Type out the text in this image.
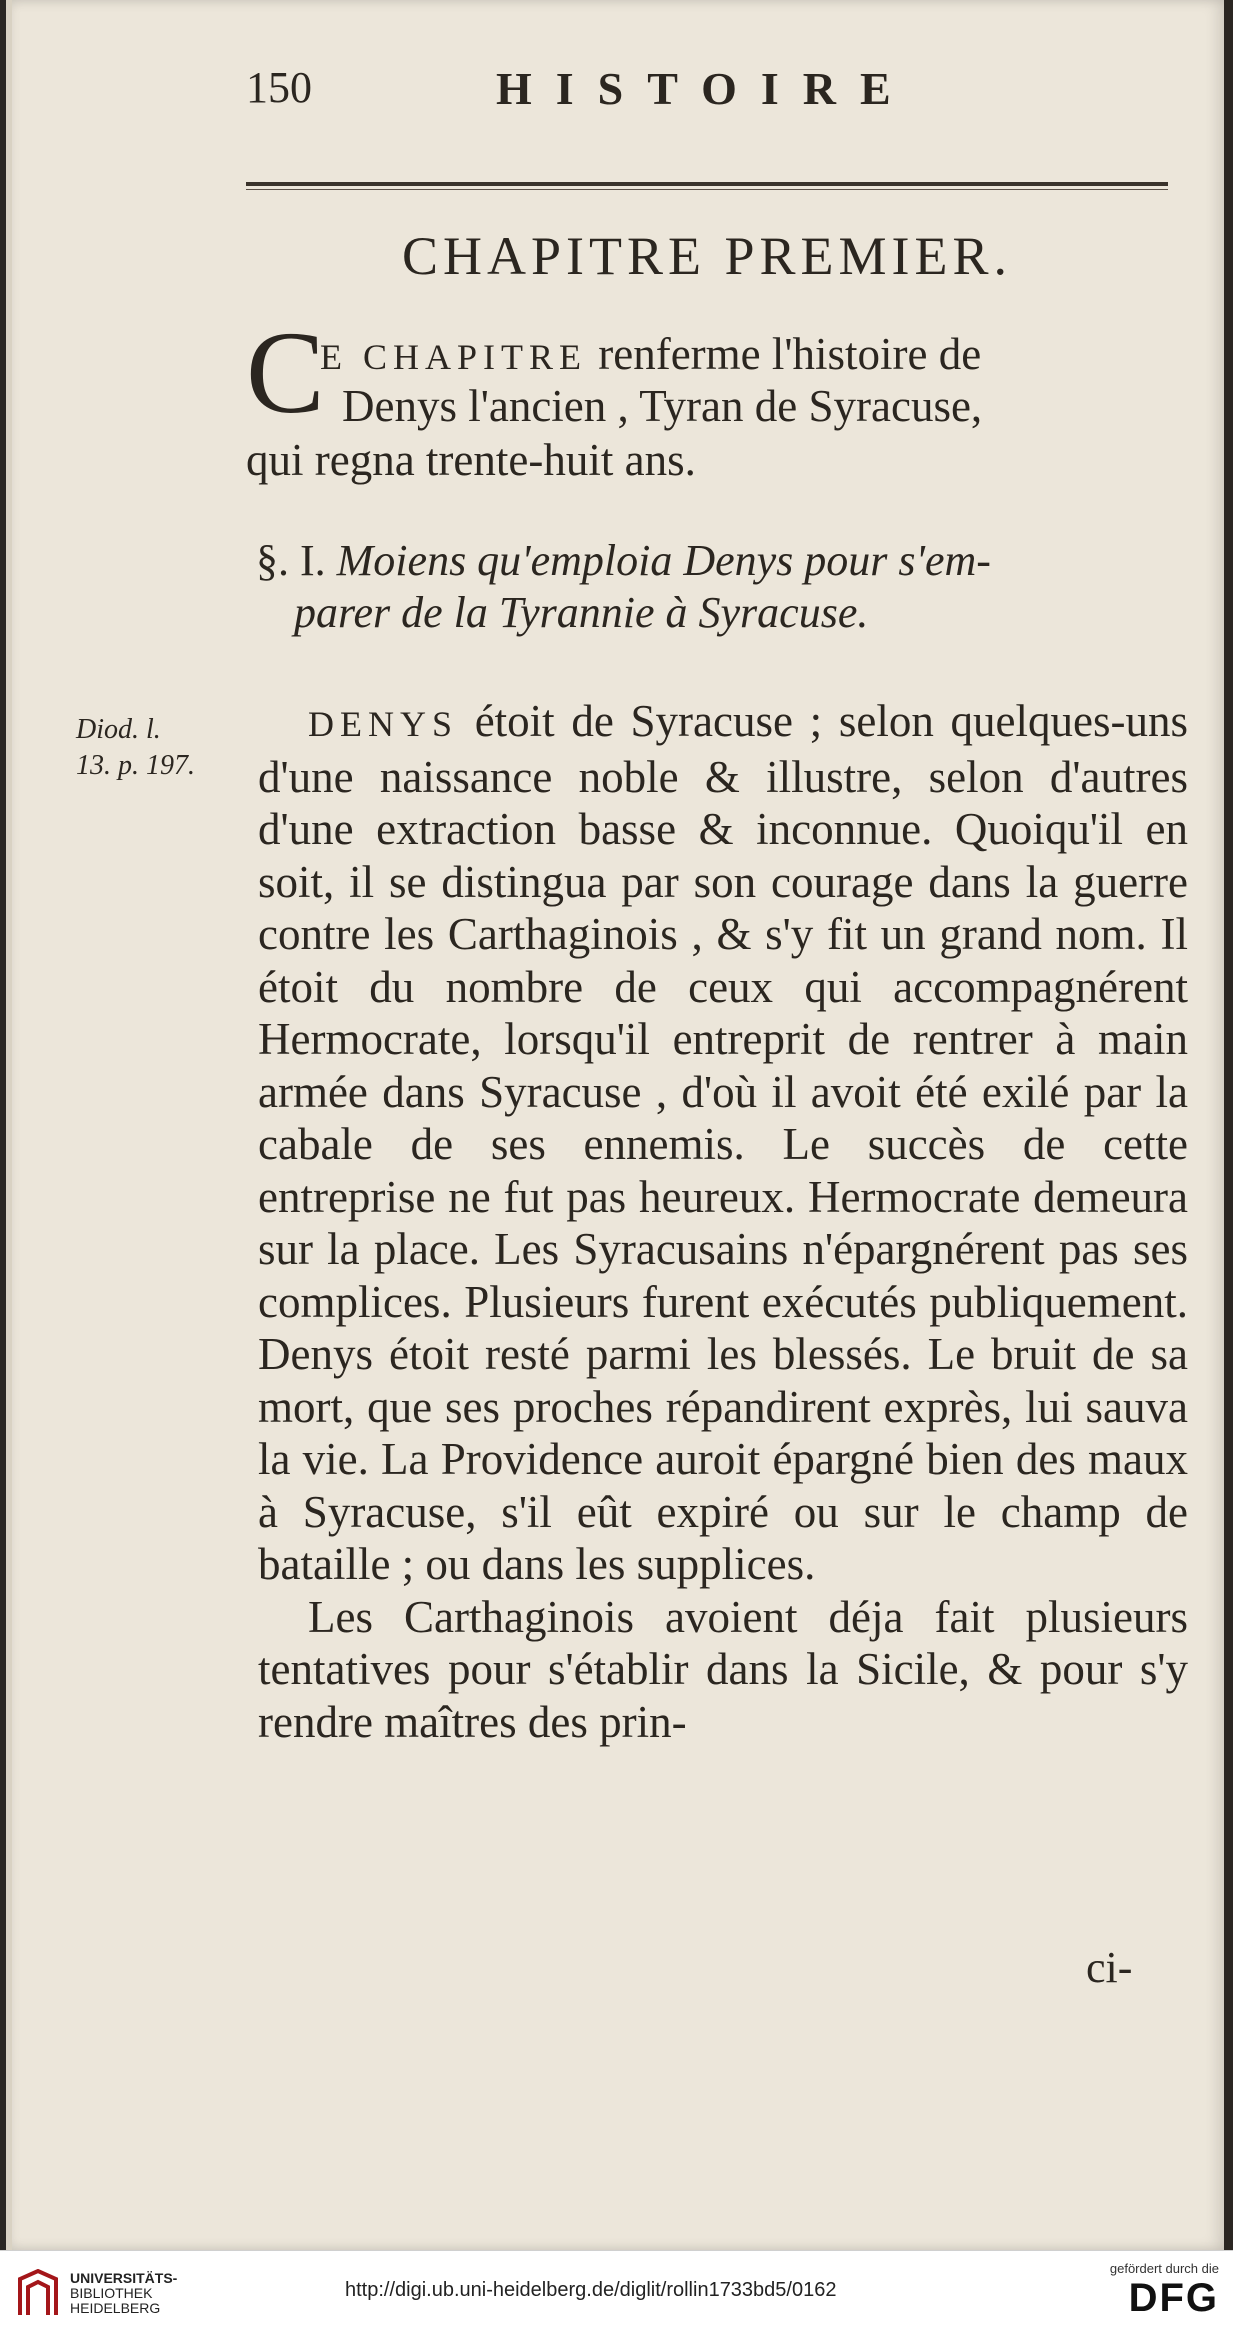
150	HISTOIRE
CHAPITRE PREMIER.
C
E CHAPITRE renferme l'histoire de
Denys l'ancien , Tyran de Syracuse,
qui regna trente-huit ans.
§. I. Moiens qu'emploia Denys pour s'em-
parer de la Tyrannie à Syracuse.
Diod. l.
13. p. 197.

DENYS étoit de Syracuse ; selon quelques-uns d'une naissance noble & illustre, selon d'autres d'une extraction basse & inconnue. Quoiqu'il en soit, il se distingua par son courage dans la guerre contre les Carthaginois , & s'y fit un grand nom. Il étoit du nombre de ceux qui accompagnérent Hermocrate, lorsqu'il entreprit de rentrer à main armée dans Syracuse , d'où il avoit été exilé par la cabale de ses ennemis. Le succès de cette entreprise ne fut pas heureux. Hermocrate demeura sur la place. Les Syracusains n'épargnérent pas ses complices. Plusieurs furent exécutés publiquement. Denys étoit resté parmi les blessés. Le bruit de sa mort, que ses proches répandirent exprès, lui sauva la vie. La Providence auroit épargné bien des maux à Syracuse, s'il eût expiré ou sur le champ de bataille ; ou dans les supplices.

Les Carthaginois avoient déja fait plusieurs tentatives pour s'établir dans la Sicile, & pour s'y rendre maîtres des prin-

ci-
UNIVERSITÄTS-
BIBLIOTHEK
HEIDELBERG
http://digi.ub.uni-heidelberg.de/diglit/rollin1733bd5/0162
gefördert durch die
DFG
